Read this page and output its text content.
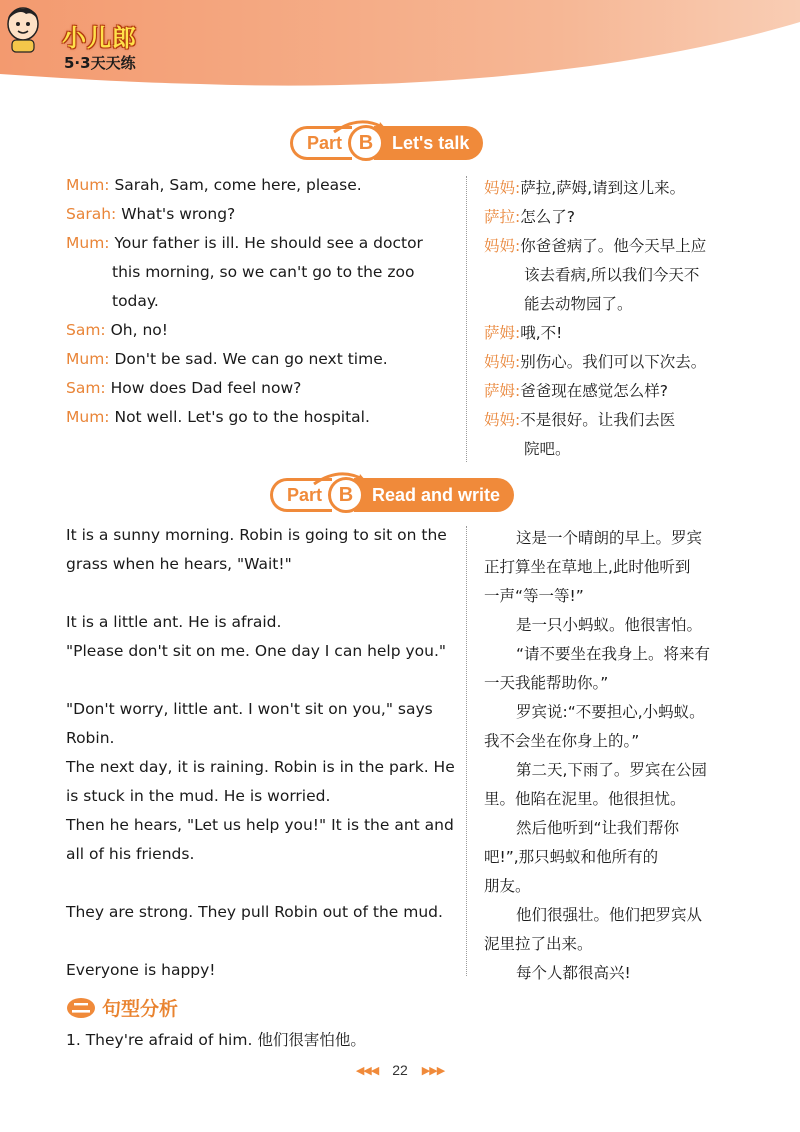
小儿郎
5·3天天练
Part B	Let's talk
Mum: Sarah, Sam, come here, please.
Sarah: What's wrong?
Mum: Your father is ill. He should see a doctor
this morning, so we can't go to the zoo
today.
Sam: Oh, no!
Mum: Don't be sad. We can go next time.
Sam: How does Dad feel now?
Mum: Not well. Let's go to the hospital.
妈妈:萨拉,萨姆,请到这儿来。
萨拉:怎么了?
妈妈:你爸爸病了。他今天早上应
该去看病,所以我们今天不
能去动物园了。
萨姆:哦,不!
妈妈:别伤心。我们可以下次去。
萨姆:爸爸现在感觉怎么样?
妈妈:不是很好。让我们去医
院吧。
Part B	Read and write
It is a sunny morning. Robin is going to sit on the
grass when he hears, "Wait!"
It is a little ant. He is afraid.
"Please don't sit on me. One day I can help you."
"Don't worry, little ant. I won't sit on you," says
Robin.
The next day, it is raining. Robin is in the park. He
is stuck in the mud. He is worried.
Then he hears, "Let us help you!" It is the ant and
all of his friends.
They are strong. They pull Robin out of the mud.
Everyone is happy!
这是一个晴朗的早上。罗宾
正打算坐在草地上,此时他听到
一声“等一等!”
是一只小蚂蚁。他很害怕。
“请不要坐在我身上。将来有
一天我能帮助你。”
罗宾说:“不要担心,小蚂蚁。
我不会坐在你身上的。”
第二天,下雨了。罗宾在公园
里。他陷在泥里。他很担忧。
然后他听到“让我们帮你
吧!”,那只蚂蚁和他所有的
朋友。
他们很强壮。他们把罗宾从
泥里拉了出来。
每个人都很高兴!
句型分析
1. They're afraid of him. 他们很害怕他。
◀◀◀ 22 ▶▶▶
